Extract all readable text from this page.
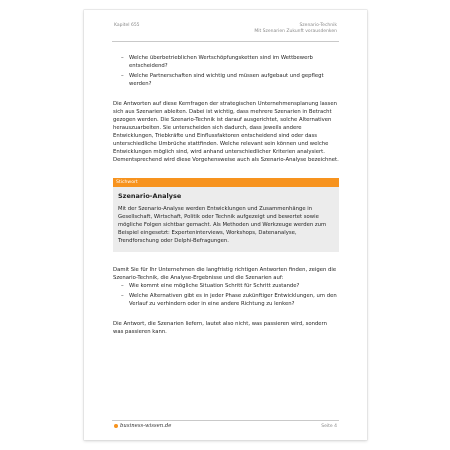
Kapitel 655	Szenario-Technik
Mit Szenarien Zukunft vorausdenken
– Welche überbetrieblichen Wertschöpfungsketten sind im Wettbewerb entscheidend?
– Welche Partnerschaften sind wichtig und müssen aufgebaut und gepflegt werden?

Die Antworten auf diese Kernfragen der strategischen Unternehmensplanung lassen sich aus Szenarien ableiten. Dabei ist wichtig, dass mehrere Szenarien in Betracht gezogen werden. Die Szenario-Technik ist darauf ausgerichtet, solche Alternativen herauszuarbeiten. Sie unterscheiden sich dadurch, dass jeweils andere Entwicklungen, Triebkräfte und Einflussfaktoren entscheidend sind oder dass unterschiedliche Umbrüche stattfinden. Welche relevant sein können und welche Entwicklungen möglich sind, wird anhand unterschiedlicher Kriterien analysiert. Dementsprechend wird diese Vorgehensweise auch als Szenario-Analyse bezeichnet.

Stichwort
Szenario-Analyse
Mit der Szenario-Analyse werden Entwicklungen und Zusammenhänge in Gesellschaft, Wirtschaft, Politik oder Technik aufgezeigt und bewertet sowie mögliche Folgen sichtbar gemacht. Als Methoden und Werkzeuge werden zum Beispiel eingesetzt: Experteninterviews, Workshops, Datenanalyse, Trendforschung oder Delphi-Befragungen.

Damit Sie für Ihr Unternehmen die langfristig richtigen Antworten finden, zeigen die Szenario-Technik, die Analyse-Ergebnisse und die Szenarien auf:

– Wie kommt eine mögliche Situation Schritt für Schritt zustande?
– Welche Alternativen gibt es in jeder Phase zukünftiger Entwicklungen, um den Verlauf zu verhindern oder in eine andere Richtung zu lenken?

Die Antwort, die Szenarien liefern, lautet also nicht, was passieren wird, sondern was passieren kann.

business-wissen.de	Seite 4
